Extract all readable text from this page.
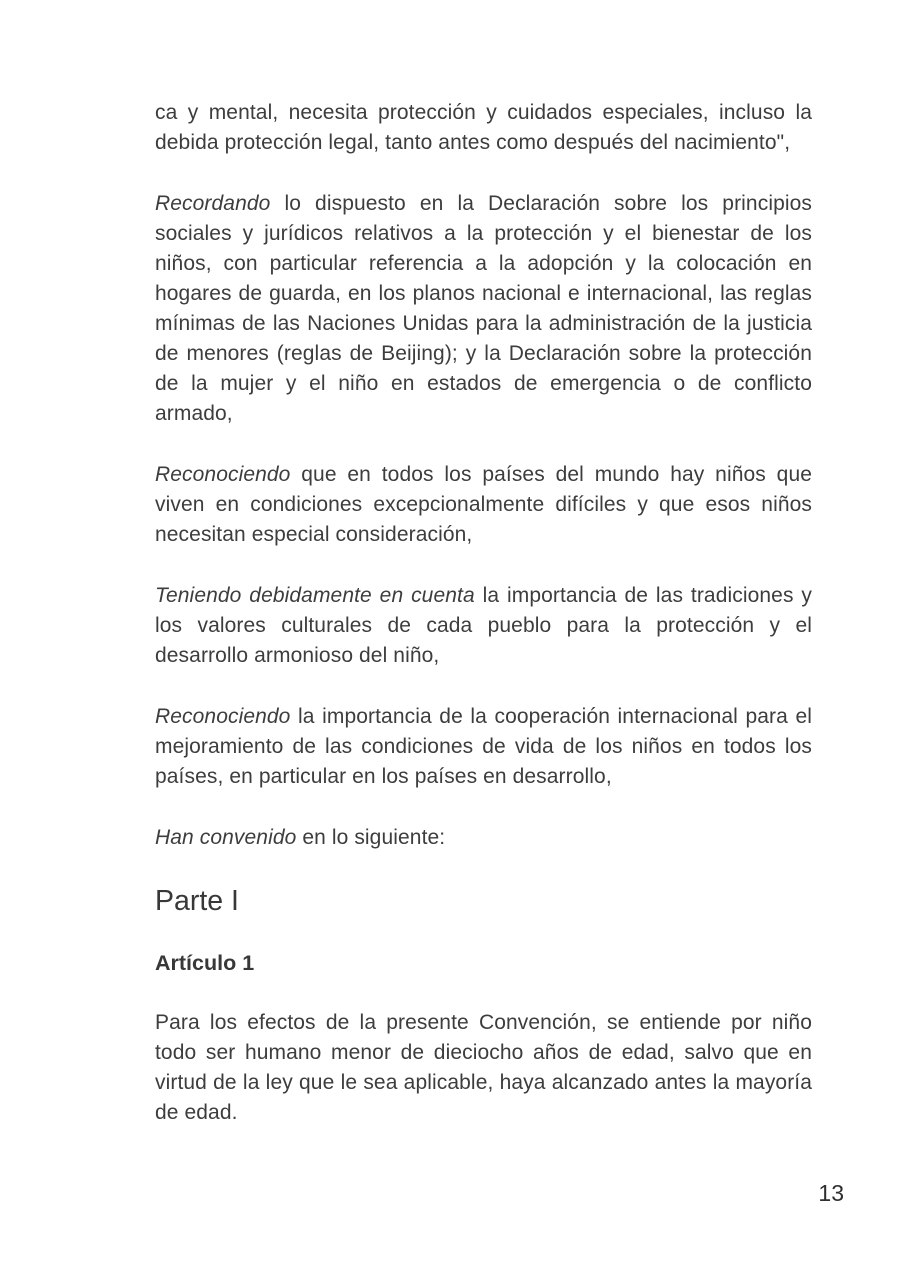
ca y mental, necesita protección y cuidados especiales, incluso la debida protección legal, tanto antes como después del nacimiento",

Recordando lo dispuesto en la Declaración sobre los principios sociales y jurídicos relativos a la protección y el bienestar de los niños, con particular referencia a la adopción y la colocación en hogares de guarda, en los planos nacional e internacional, las reglas mínimas de las Naciones Unidas para la administración de la justicia de menores (reglas de Beijing); y la Declaración sobre la protección de la mujer y el niño en estados de emergencia o de conflicto armado,

Reconociendo que en todos los países del mundo hay niños que viven en condiciones excepcionalmente difíciles y que esos niños necesitan especial consideración,

Teniendo debidamente en cuenta la importancia de las tradiciones y los valores culturales de cada pueblo para la protección y el desarrollo armonioso del niño,

Reconociendo la importancia de la cooperación internacional para el mejoramiento de las condiciones de vida de los niños en todos los países, en particular en los países en desarrollo,

Han convenido en lo siguiente:

Parte I
Artículo 1

Para los efectos de la presente Convención, se entiende por niño todo ser humano menor de dieciocho años de edad, salvo que en virtud de la ley que le sea aplicable, haya alcanzado antes la mayoría de edad.

13
